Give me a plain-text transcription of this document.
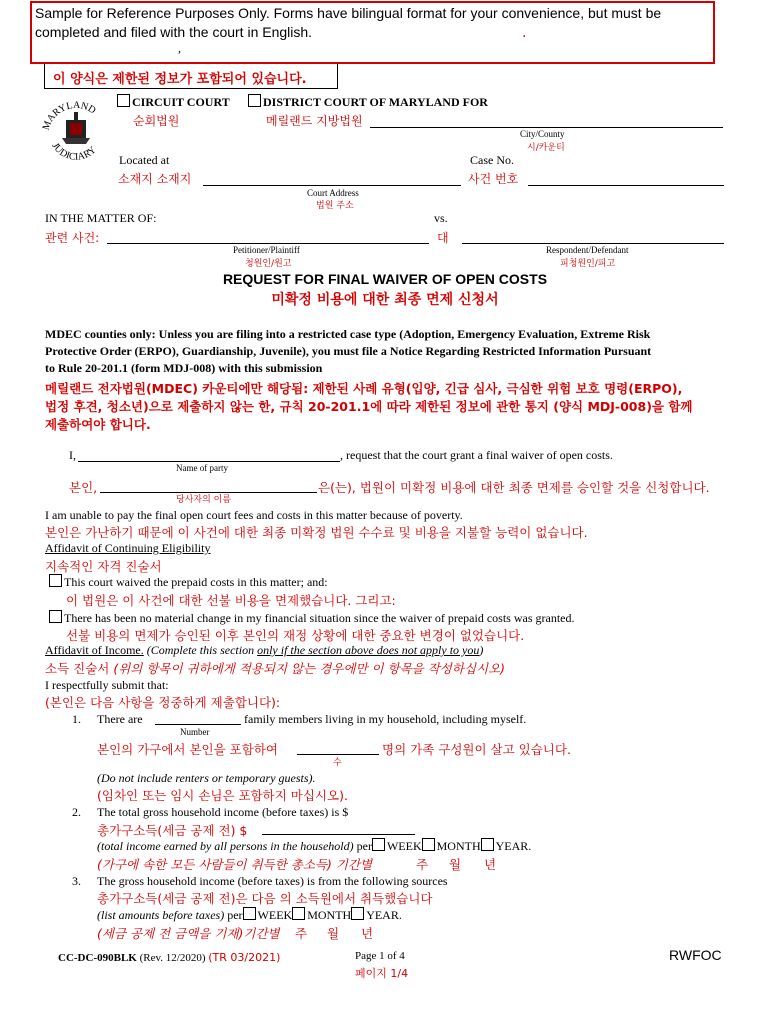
Sample for Reference Purposes Only. Forms have bilingual format for your convenience, but must be
completed and filed with the court in English.	.
,
이 양식은 제한된 정보가 포함되어 있습니다.
MARYLAND
JUDICIARY
CIRCUIT COURT
순회법원
DISTRICT COURT OF MARYLAND FOR
메릴랜드 지방법원
City/County
시/카운티
Located at
소재지 소재지
Court Address
법원 주소
Case No.
사건 번호
IN THE MATTER OF:
관련 사건:
Petitioner/Plaintiff
청원인/원고
vs.
대
Respondent/Defendant
피청원인/피고
REQUEST FOR FINAL WAIVER OF OPEN COSTS
미확정 비용에 대한 최종 면제 신청서
MDEC counties only: Unless you are filing into a restricted case type (Adoption, Emergency Evaluation, Extreme Risk
Protective Order (ERPO), Guardianship, Juvenile), you must file a Notice Regarding Restricted Information Pursuant
to Rule 20-201.1 (form MDJ-008) with this submission
메릴랜드 전자법원(MDEC) 카운티에만 해당됨: 제한된 사례 유형(입양, 긴급 심사, 극심한 위험 보호 명령(ERPO),
법정 후견, 청소년)으로 제출하지 않는 한, 규칙 20-201.1에 따라 제한된 정보에 관한 통지 (양식 MDJ-008)을 함께
제출하여야 합니다.
I,	, request that the court grant a final waiver of open costs.
Name of party
본인,	은(는), 법원이 미확정 비용에 대한 최종 면제를 승인할 것을 신청합니다.
당사자의 이름
I am unable to pay the final open court fees and costs in this matter because of poverty.
본인은 가난하기 때문에 이 사건에 대한 최종 미확정 법원 수수료 및 비용을 지불할 능력이 없습니다.
Affidavit of Continuing Eligibility
지속적인 자격 진술서
This court waived the prepaid costs in this matter; and:
이 법원은 이 사건에 대한 선불 비용을 면제했습니다. 그리고:
There has been no material change in my financial situation since the waiver of prepaid costs was granted.
선불 비용의 면제가 승인된 이후 본인의 재정 상황에 대한 중요한 변경이 없었습니다.
Affidavit of Income. (Complete this section only if the section above does not apply to you)
소득 진술서 (위의 항목이 귀하에게 적용되지 않는 경우에만 이 항목을 작성하십시오)
I respectfully submit that:
(본인은 다음 사항을 정중하게 제출합니다):
1. There are	family members living in my household, including myself.
Number
본인의 가구에서 본인을 포함하여	명의 가족 구성원이 살고 있습니다.
수
(Do not include renters or temporary guests).
(임차인 또는 임시 손님은 포함하지 마십시오).
2. The total gross household income (before taxes) is $
총가구소득(세금 공제 전) $
(total income earned by all persons in the household) per WEEK MONTH YEAR.
(가구에 속한 모든 사람들이 취득한 총소득) 기간별	주 월 년
3. The gross household income (before taxes) is from the following sources
총가구소득(세금 공제 전)은 다음 의 소득원에서 취득했습니다
(list amounts before taxes) per WEEK MONTH YEAR.
(세금 공제 전 금액을 기재)기간별 주 월 년
CC-DC-090BLK (Rev. 12/2020) (TR 03/2021)	Page 1 of 4
페이지 1/4
RWFOC
